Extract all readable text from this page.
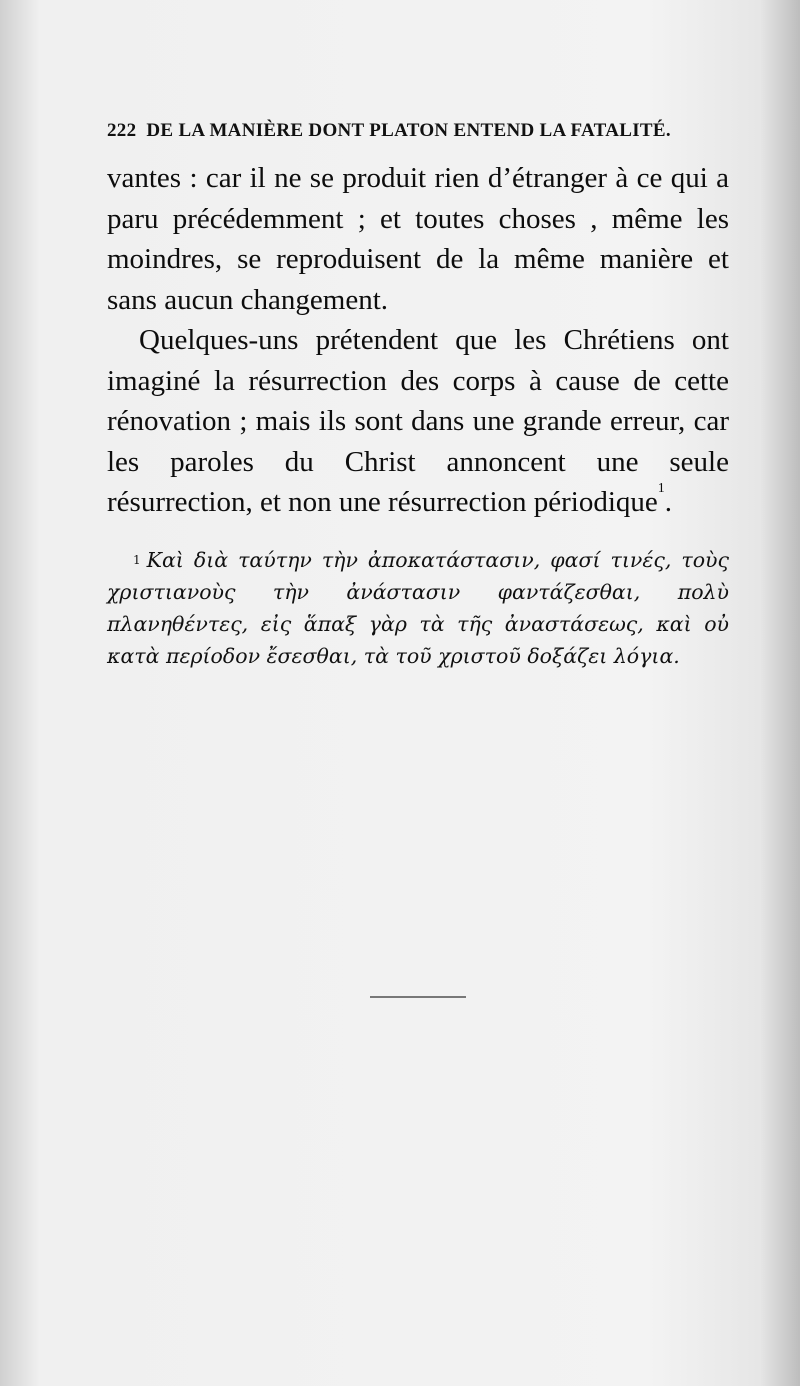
222 DE LA MANIÈRE DONT PLATON ENTEND LA FATALITÉ.

vantes : car il ne se produit rien d’étranger à ce qui a paru précédemment ; et toutes choses , même les moindres, se reproduisent de la même manière et sans aucun changement.

Quelques-uns prétendent que les Chrétiens ont imaginé la résurrection des corps à cause de cette rénovation ; mais ils sont dans une grande erreur, car les paroles du Christ annoncent une seule résurrection, et non une résurrection périodique$^1$.

$^1$ Καὶ διὰ ταύτην τὴν ἀποκατάστασιν, φασί τινές, τοὺς χριστιανοὺς τὴν ἀνάστασιν φαντάζεσθαι, πολὺ πλανηθέντες, εἰς ἅπαξ γὰρ τὰ τῆς ἀναστάσεως, καὶ οὐ κατὰ περίοδον ἔσεσθαι, τὰ τοῦ χριστοῦ δοξάζει λόγια.
